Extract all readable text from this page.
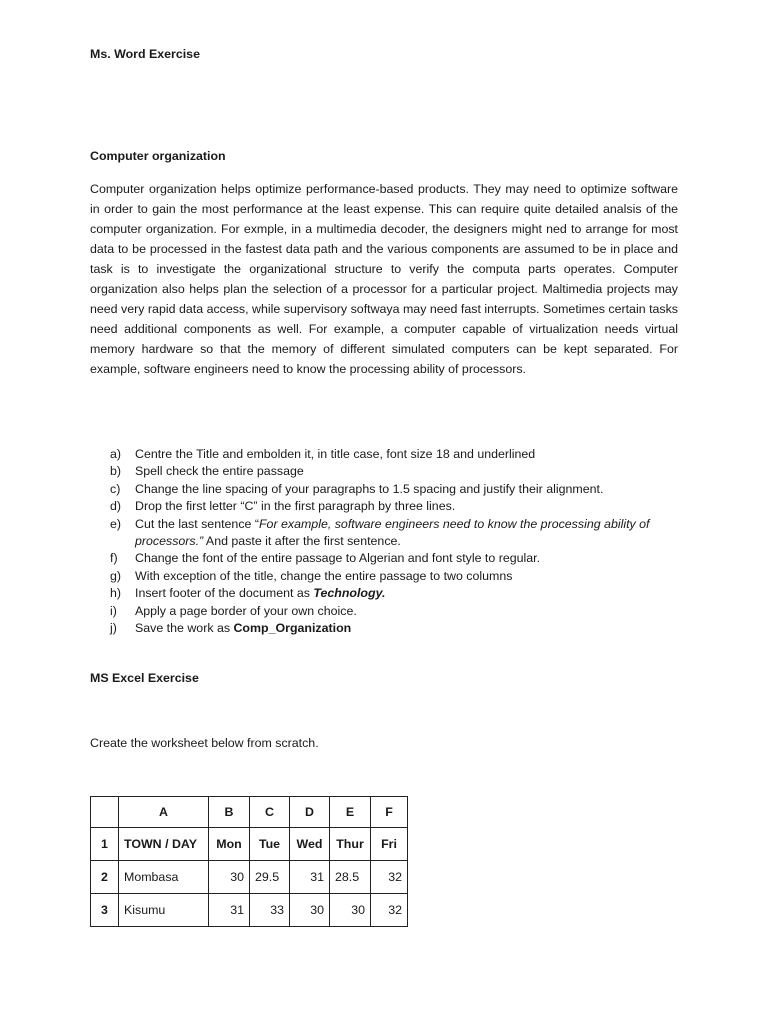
Ms. Word Exercise
Computer organization

Computer organization helps optimize performance-based products. They may need to optimize software in order to gain the most performance at the least expense. This can require quite detailed analsis of the computer organization. For exmple, in a multimedia decoder, the designers might ned to arrange for most data to be processed in the fastest data path and the various components are assumed to be in place and task is to investigate the organizational structure to verify the computa parts operates. Computer organization also helps plan the selection of a processor for a particular project. Maltimedia projects may need very rapid data access, while supervisory softwaya may need fast interrupts. Sometimes certain tasks need additional components as well. For example, a computer capable of virtualization needs virtual memory hardware so that the memory of different simulated computers can be kept separated. For example, software engineers need to know the processing ability of processors.

a)	Centre the Title and embolden it, in title case, font size 18 and underlined
b)	Spell check the entire passage
c)	Change the line spacing of your paragraphs to 1.5 spacing and justify their alignment.
d)	Drop the first letter “C” in the first paragraph by three lines.
e)	Cut the last sentence “For example, software engineers need to know the processing ability of processors.” And paste it after the first sentence.
f)	Change the font of the entire passage to Algerian and font style to regular.
g)	With exception of the title, change the entire passage to two columns
h)	Insert footer of the document as Technology.
i)	Apply a page border of your own choice.
j)	Save the work as Comp_Organization
MS Excel Exercise
Create the worksheet below from scratch.
	A	B	C	D	E	F
1	TOWN / DAY	Mon	Tue	Wed	Thur	Fri
2	Mombasa	30	29.5	31	28.5	32
3	Kisumu	31	33	30	30	32
